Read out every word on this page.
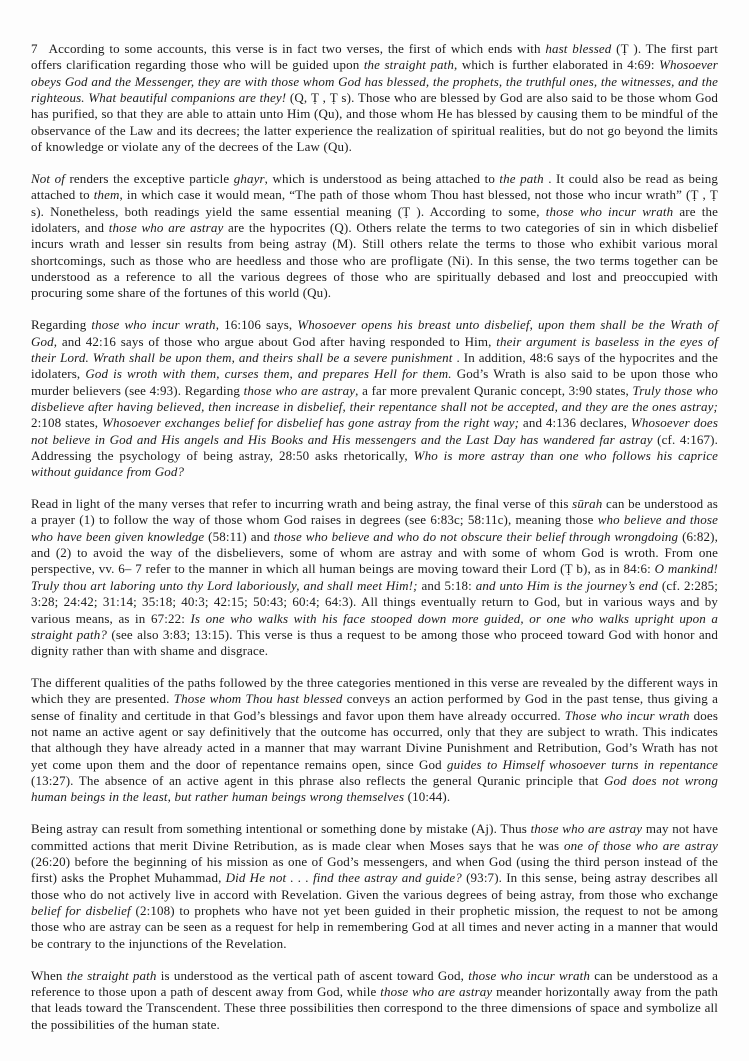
7 According to some accounts, this verse is in fact two verses, the first of which ends with hast blessed (Ṭ ). The first part offers clarification regarding those who will be guided upon the straight path, which is further elaborated in 4:69: Whosoever obeys God and the Messenger, they are with those whom God has blessed, the prophets, the truthful ones, the witnesses, and the righteous. What beautiful companions are they! (Q, Ṭ , Ṭ s). Those who are blessed by God are also said to be those whom God has purified, so that they are able to attain unto Him (Qu), and those whom He has blessed by causing them to be mindful of the observance of the Law and its decrees; the latter experience the realization of spiritual realities, but do not go beyond the limits of knowledge or violate any of the decrees of the Law (Qu).

Not of renders the exceptive particle ghayr, which is understood as being attached to the path . It could also be read as being attached to them, in which case it would mean, “The path of those whom Thou hast blessed, not those who incur wrath” (Ṭ , Ṭ s). Nonetheless, both readings yield the same essential meaning (Ṭ ). According to some, those who incur wrath are the idolaters, and those who are astray are the hypocrites (Q). Others relate the terms to two categories of sin in which disbelief incurs wrath and lesser sin results from being astray (M). Still others relate the terms to those who exhibit various moral shortcomings, such as those who are heedless and those who are profligate (Ni). In this sense, the two terms together can be understood as a reference to all the various degrees of those who are spiritually debased and lost and preoccupied with procuring some share of the fortunes of this world (Qu).

Regarding those who incur wrath, 16:106 says, Whosoever opens his breast unto disbelief, upon them shall be the Wrath of God, and 42:16 says of those who argue about God after having responded to Him, their argument is baseless in the eyes of their Lord. Wrath shall be upon them, and theirs shall be a severe punishment . In addition, 48:6 says of the hypocrites and the idolaters, God is wroth with them, curses them, and prepares Hell for them. God’s Wrath is also said to be upon those who murder believers (see 4:93). Regarding those who are astray, a far more prevalent Quranic concept, 3:90 states, Truly those who disbelieve after having believed, then increase in disbelief, their repentance shall not be accepted, and they are the ones astray; 2:108 states, Whosoever exchanges belief for disbelief has gone astray from the right way; and 4:136 declares, Whosoever does not believe in God and His angels and His Books and His messengers and the Last Day has wandered far astray (cf. 4:167). Addressing the psychology of being astray, 28:50 asks rhetorically, Who is more astray than one who follows his caprice without guidance from God?

Read in light of the many verses that refer to incurring wrath and being astray, the final verse of this sūrah can be understood as a prayer (1) to follow the way of those whom God raises in degrees (see 6:83c; 58:11c), meaning those who believe and those who have been given knowledge (58:11) and those who believe and who do not obscure their belief through wrongdoing (6:82), and (2) to avoid the way of the disbelievers, some of whom are astray and with some of whom God is wroth. From one perspective, vv. 6– 7 refer to the manner in which all human beings are moving toward their Lord (Ṭ b), as in 84:6: O mankind! Truly thou art laboring unto thy Lord laboriously, and shall meet Him!; and 5:18: and unto Him is the journey’s end (cf. 2:285; 3:28; 24:42; 31:14; 35:18; 40:3; 42:15; 50:43; 60:4; 64:3). All things eventually return to God, but in various ways and by various means, as in 67:22: Is one who walks with his face stooped down more guided, or one who walks upright upon a straight path? (see also 3:83; 13:15). This verse is thus a request to be among those who proceed toward God with honor and dignity rather than with shame and disgrace.

The different qualities of the paths followed by the three categories mentioned in this verse are revealed by the different ways in which they are presented. Those whom Thou hast blessed conveys an action performed by God in the past tense, thus giving a sense of finality and certitude in that God’s blessings and favor upon them have already occurred. Those who incur wrath does not name an active agent or say definitively that the outcome has occurred, only that they are subject to wrath. This indicates that although they have already acted in a manner that may warrant Divine Punishment and Retribution, God’s Wrath has not yet come upon them and the door of repentance remains open, since God guides to Himself whosoever turns in repentance (13:27). The absence of an active agent in this phrase also reflects the general Quranic principle that God does not wrong human beings in the least, but rather human beings wrong themselves (10:44).

Being astray can result from something intentional or something done by mistake (Aj). Thus those who are astray may not have committed actions that merit Divine Retribution, as is made clear when Moses says that he was one of those who are astray (26:20) before the beginning of his mission as one of God’s messengers, and when God (using the third person instead of the first) asks the Prophet Muhammad, Did He not . . . find thee astray and guide? (93:7). In this sense, being astray describes all those who do not actively live in accord with Revelation. Given the various degrees of being astray, from those who exchange belief for disbelief (2:108) to prophets who have not yet been guided in their prophetic mission, the request to not be among those who are astray can be seen as a request for help in remembering God at all times and never acting in a manner that would be contrary to the injunctions of the Revelation.

When the straight path is understood as the vertical path of ascent toward God, those who incur wrath can be understood as a reference to those upon a path of descent away from God, while those who are astray meander horizontally away from the path that leads toward the Transcendent. These three possibilities then correspond to the three dimensions of space and symbolize all the possibilities of the human state.
